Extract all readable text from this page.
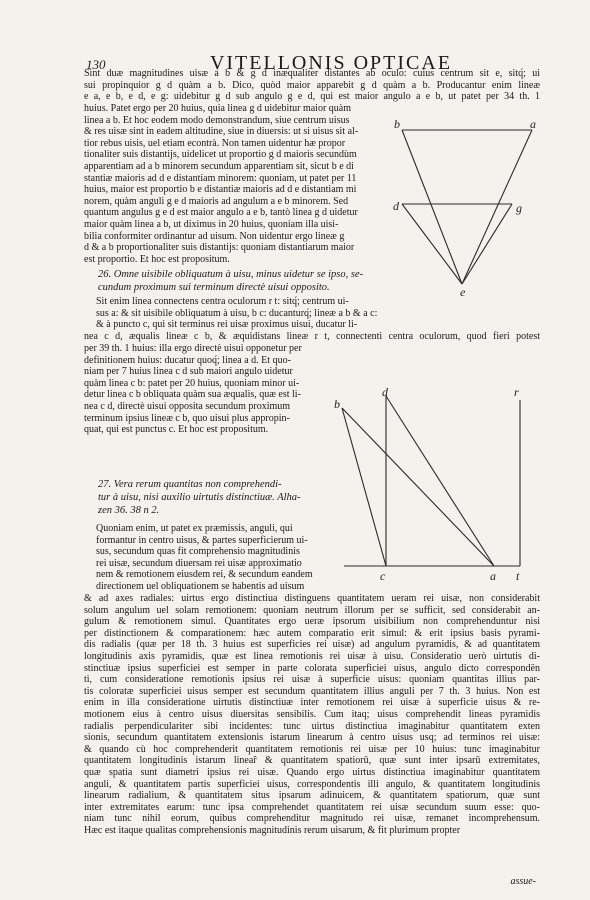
130	VITELLONIS OPTICAE
Sint duæ magnitudines uisæ a b & g d inæqualiter distantes ab oculo: cuius centrum sit e, sitq́; ui
sui propinquior g d quàm a b. Dico, quòd maior apparebit g d quàm a b. Producantur enim lineæ
e a, e b, e d, e g: uidebitur g d sub angulo g e d, qui est maior angulo a e b, ut patet per 34 th. 1
huius. Patet ergo per 20 huius, quia linea g d uidebitur maior quàm
linea a b. Et hoc eodem modo demonstrandum, siue centrum uisus
& res uisæ sint in eadem altitudine, siue in diuersis: ut si uisus sit al-
tior rebus uisis, uel etiam econtrà. Non tamen uidentur hæ propor
tionaliter suis distantijs, uidelicet ut proportio g d maioris secundùm
apparentiam ad a b minorem secundum apparentiam sit, sicut b e di
stantiæ maioris ad d e distantiam minorem: quoniam, ut patet per 11
huius, maior est proportio b e distantiæ maioris ad d e distantiam mi
norem, quàm anguli g e d maioris ad angulum a e b minorem. Sed
quantum angulus g e d est maior angulo a e b, tantò linea g d uidetur
maior quàm linea a b, ut diximus in 20 huius, quoniam illa uisi-
bilia conformiter ordinantur ad uisum. Non uidentur ergo lineæ g
d & a b proportionaliter suis distantijs: quoniam distantiarum maior
est proportio. Et hoc est propositum.
26. Omne uisibile obliquatum à uisu, minus uidetur se ipso, se-
cundum proximum sui terminum directè uisui opposito.
Sit enim linea connectens centra oculorum r t: sitq́; centrum ui-
sus a: & sit uisibile obliquatum à uisu, b c: ducanturq́; lineæ a b & a c:
& à puncto c, qui sit terminus rei uisæ proximus uisui, ducatur li-
nea c d, æqualis lineæ c b, & æquidistans lineæ r t, connectenti centra oculorum, quod fieri potest
per 39 th. 1 huius: illa ergo directè uisui opponetur per
definitionem huius: ducatur quoq́; linea a d. Et quo-
niam per 7 huius linea c d sub maiori angulo uidetur
quàm linea c b: patet per 20 huius, quoniam minor ui-
detur linea c b obliquata quàm sua æqualis, quæ est li-
nea c d, directè uisui opposita secundum proximum
terminum ipsius lineæ c b, quo uisui plus appropin-
quat, qui est punctus c. Et hoc est propositum.
27. Vera rerum quantitas non comprehendi-
tur à uisu, nisi auxilio uirtutis distinctiuæ. Alha-
zen 36. 38 n 2.
Quoniam enim, ut patet ex præmissis, anguli, qui
formantur in centro uisus, & partes superficierum ui-
sus, secundum quas fit comprehensio magnitudinis
rei uisæ, secundum diuersam rei uisæ approximatio
nem & remotionem eiusdem rei, & secundum eandem
directionem uel obliquationem se habentis ad uisum
& ad axes radiales: uirtus ergo distinctiua distinguens quantitatem ueram rei uisæ, non considerabit
solum angulum uel solam remotionem: quoniam neutrum illorum per se sufficit, sed considerabit an-
gulum & remotionem simul. Quantitates ergo ueræ ipsorum uisibilium non comprehenduntur nisi
per distinctionem & comparationem: hæc autem comparatio erit simul: & erit ipsius basis pyrami-
dis radialis (quæ per 18 th. 3 huius est superficies rei uisæ) ad angulum pyramidis, & ad quantitatem
longitudinis axis pyramidis, quæ est linea remotionis rei uisæ à uisu. Consideratio uerò uirtutis di-
stinctiuæ ipsius superficiei est semper in parte colorata superficiei uisus, angulo dicto correspondën
ti, cum consideratione remotionis ipsius rei uisæ à superficie uisus: quoniam quantitas illius par-
tis coloratæ superficiei uisus semper est secundum quantitatem illius anguli per 7 th. 3 huius. Non est
enim in illa consideratione uirtutis distinctiuæ inter remotionem rei uisæ à superficie uisus & re-
motionem eius à centro uisus diuersitas sensibilis. Cum itaq; uisus comprehendit lineas pyramidis
radialis perpendiculariter sibi incidentes: tunc uirtus distinctiua imaginabitur quantitatem exten
sionis, secundum quantitatem extensionis istarum linearum à centro uisus usq; ad terminos rei uisæ:
& quando cù hoc comprehenderit quantitatem remotionis rei uisæ per 10 huius: tunc imaginabitur
quantitatem longitudinis istarum lineaȓ & quantitatem spatiorū, quæ sunt inter ipsarū extremitates,
quæ spatia sunt diametri ipsius rei uisæ. Quando ergo uirtus distinctiua imaginabitur quantitatem
anguli, & quantitatem partis superficiei uisus, correspondentis illi angulo, & quantitatem longitudinis
linearum radialium, & quantitatem situs ipsarum adinuicem, & quantitatem spatiorum, quæ sunt
inter extremitates earum: tunc ipsa comprehendet quantitatem rei uisæ secundum suum esse: quo-
niam tunc nihil eorum, quibus comprehenditur magnitudo rei uisæ, remanet incomprehensum.
Hæc est itaque qualitas comprehensionis magnitudinis rerum uisarum, & fit plurimum propter
assue-
b	a
d	g
e
b
d	r
c	a t
